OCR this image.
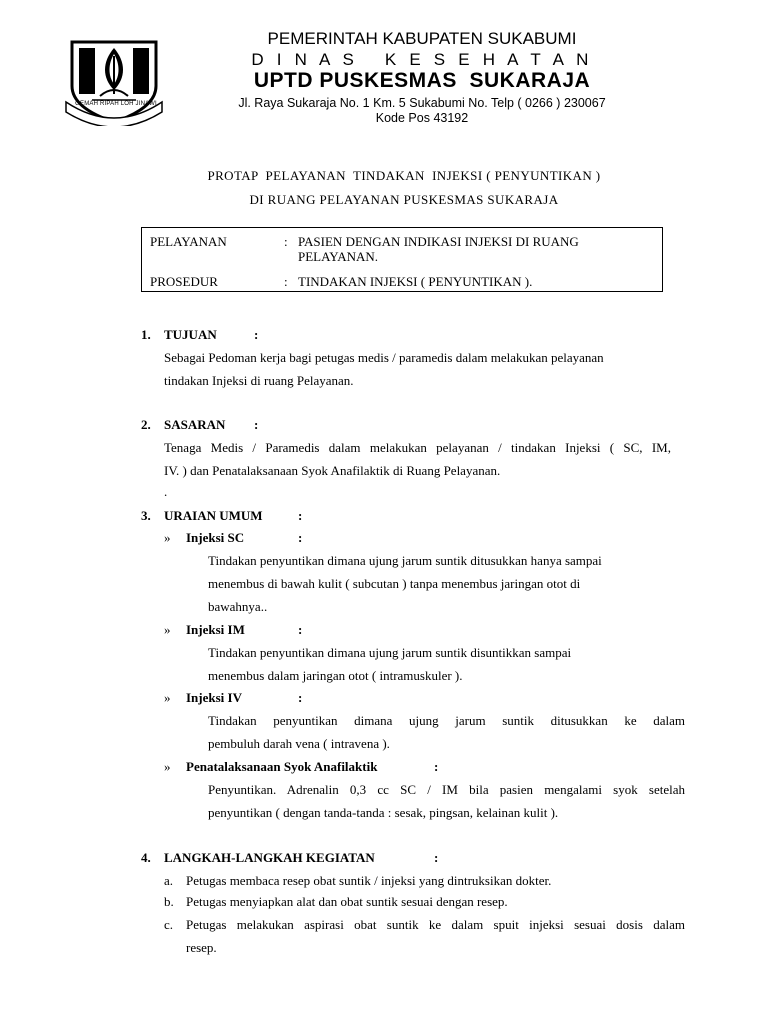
GEMAH RIPAH LOH JINAWI
PEMERINTAH KABUPATEN SUKABUMI
D I N A S   K E S E H A T A N
UPTD PUSKESMAS  SUKARAJA
Jl. Raya Sukaraja No. 1 Km. 5 Sukabumi No. Telp ( 0266 ) 230067
Kode Pos 43192
PROTAP  PELAYANAN  TINDAKAN  INJEKSI ( PENYUNTIKAN )
DI RUANG PELAYANAN PUSKESMAS SUKARAJA
PELAYANAN	: PASIEN DENGAN INDIKASI INJEKSI DI RUANG
PELAYANAN.
PROSEDUR	: TINDAKAN INJEKSI ( PENYUNTIKAN ).
1. TUJUAN	:
Sebagai Pedoman kerja bagi petugas medis / paramedis dalam melakukan pelayanan
tindakan Injeksi di ruang Pelayanan.
2. SASARAN :
Tenaga Medis / Paramedis dalam melakukan pelayanan / tindakan Injeksi ( SC, IM,
IV. ) dan Penatalaksanaan Syok Anafilaktik di Ruang Pelayanan.
.
3. URAIAN UMUM	:
» Injeksi SC	:
Tindakan penyuntikan dimana ujung jarum suntik ditusukkan hanya sampai
menembus di bawah kulit ( subcutan ) tanpa menembus jaringan otot di
bawahnya..
» Injeksi IM	:
Tindakan penyuntikan dimana ujung jarum suntik disuntikkan sampai
menembus dalam jaringan otot ( intramuskuler ).
» Injeksi IV	:
Tindakan penyuntikan dimana ujung jarum suntik ditusukkan ke dalam
pembuluh darah vena ( intravena ).
» Penatalaksanaan Syok Anafilaktik	:
Penyuntikan. Adrenalin 0,3 cc SC / IM bila pasien mengalami syok setelah
penyuntikan ( dengan tanda-tanda : sesak, pingsan, kelainan kulit ).
4. LANGKAH-LANGKAH KEGIATAN	:
a. Petugas membaca resep obat suntik / injeksi yang dintruksikan dokter.
b. Petugas menyiapkan alat dan obat suntik sesuai dengan resep.
c. Petugas melakukan aspirasi obat suntik ke dalam spuit injeksi sesuai dosis dalam
resep.
